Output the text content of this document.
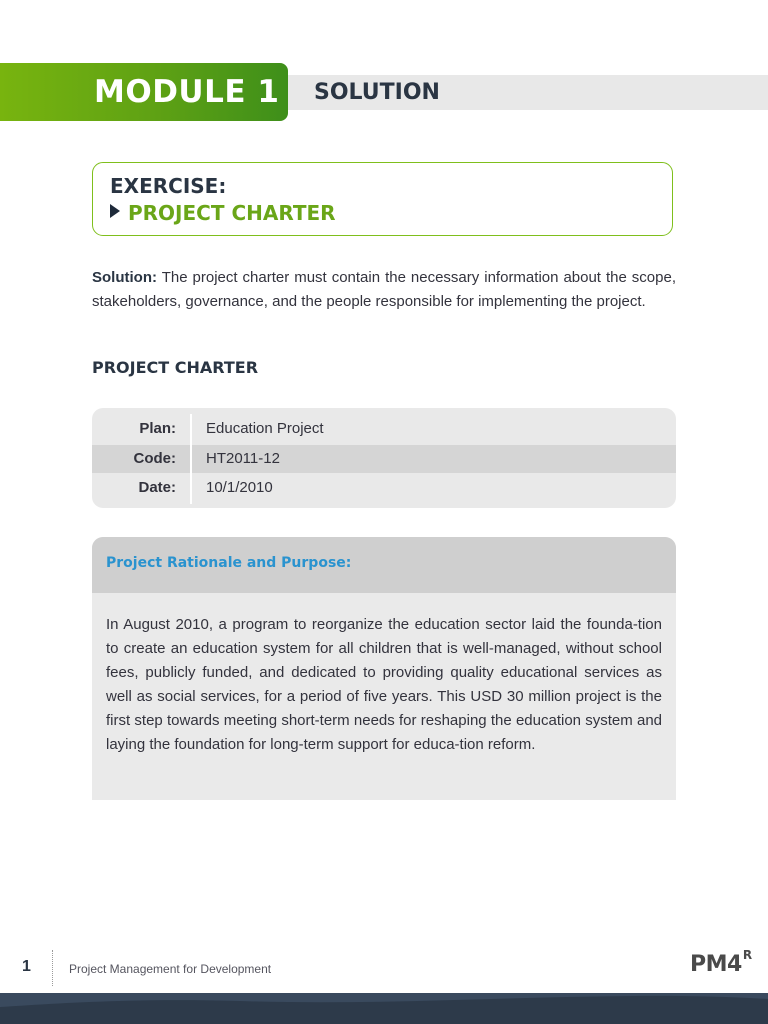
MODULE 1 SOLUTION
EXERCISE:
PROJECT CHARTER

Solution: The project charter must contain the necessary information about the scope, stakeholders, governance, and the people responsible for implementing the project.

PROJECT CHARTER
Plan: Education Project
Code: HT2011-12
Date: 10/1/2010
Project Rationale and Purpose:

In August 2010, a program to reorganize the education sector laid the founda-tion to create an education system for all children that is well-managed, without school fees, publicly funded, and dedicated to providing quality educational services as well as social services, for a period of five years. This USD 30 million project is the first step towards meeting short-term needs for reshaping the education system and laying the foundation for long-term support for educa-tion reform.

1	Project Management for Development	$PM4^R$
